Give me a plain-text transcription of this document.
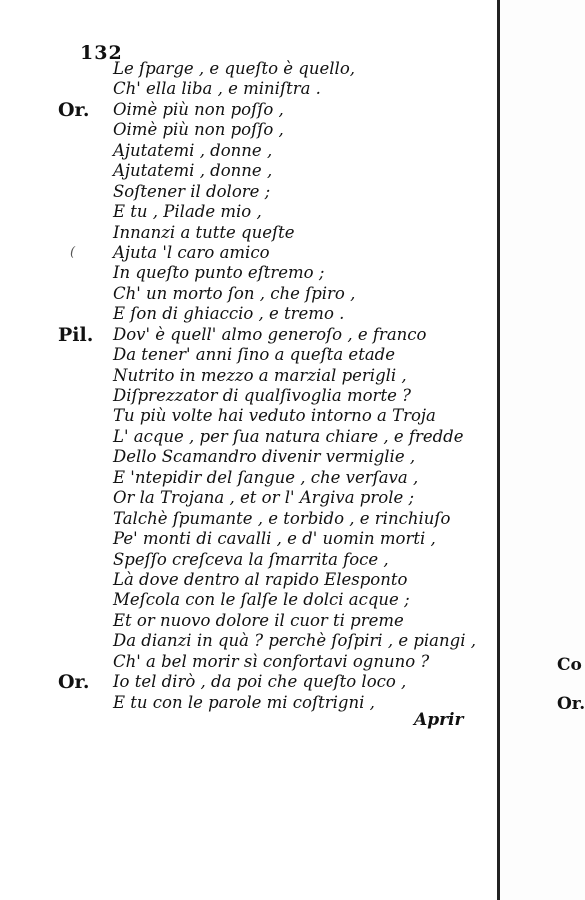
132
Le ſparge , e queſto è quello,
Ch' ella liba , e miniſtra .
Or. Oimè più non poſſo ,
Oimè più non poſſo ,
Ajutatemi , donne ,
Ajutatemi , donne ,
Soſtener il dolore ;
E tu , Pilade mio ,
Innanzi a tutte queſte
( Ajuta 'l caro amico
In queſto punto eſtremo ;
Ch' un morto ſon , che ſpiro ,
E ſon di ghiaccio , e tremo .
Pil. Dov' è quell' almo generoſo , e franco
Da tener' anni ſino a queſta etade
Nutrito in mezzo a marzial perigli ,
Diſprezzator di qualſivoglia morte ?
Tu più volte hai veduto intorno a Troja
L' acque , per ſua natura chiare , e fredde
Dello Scamandro divenir vermiglie ,
E 'ntepidir del ſangue , che verſava ,
Or la Trojana , et or l' Argiva prole ;
Talchè ſpumante , e torbido , e rinchiuſo
Pe' monti di cavalli , e d' uomin morti ,
Speſſo creſceva la ſmarrita foce ,
Là dove dentro al rapido Elesponto
Meſcola con le ſalſe le dolci acque ;
Et or nuovo dolore il cuor ti preme
Da dianzi in quà ? perchè ſoſpiri , e piangi ,
Ch' a bel morir sì confortavi ognuno ?
Or. Io tel dirò , da poi che queſto loco ,
E tu con le parole mi coſtrigni ,
Aprir
Co
Or.
